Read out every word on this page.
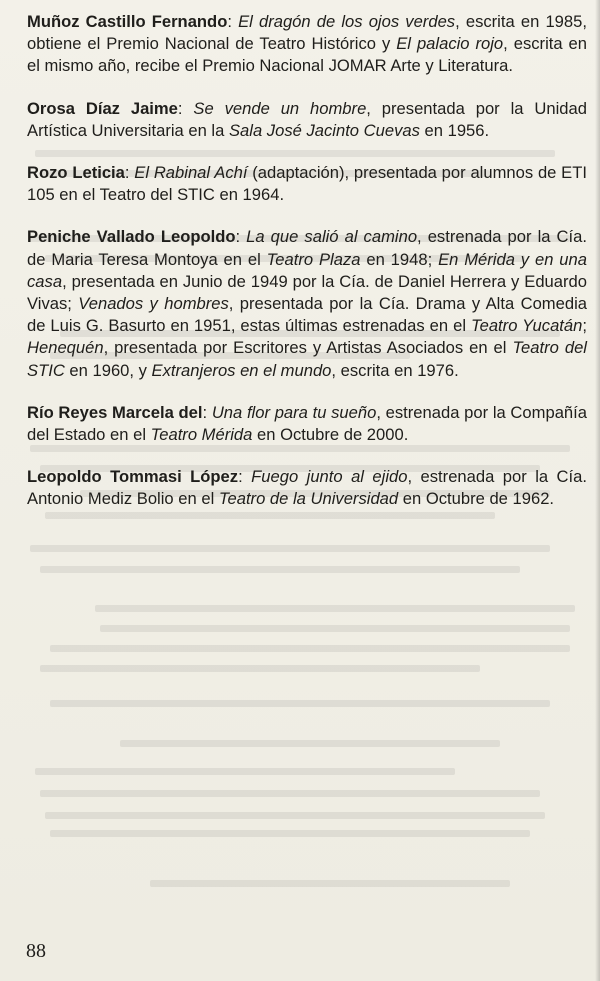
Muñoz Castillo Fernando: El dragón de los ojos verdes, escrita en 1985, obtiene el Premio Nacional de Teatro Histórico y El palacio rojo, escrita en el mismo año, recibe el Premio Nacional JOMAR Arte y Literatura.

Orosa Díaz Jaime: Se vende un hombre, presentada por la Unidad Artística Universitaria en la Sala José Jacinto Cuevas en 1956.

Rozo Leticia: El Rabinal Achí (adaptación), presentada por alumnos de ETI 105 en el Teatro del STIC en 1964.

Peniche Vallado Leopoldo: La que salió al camino, estrenada por la Cía. de Maria Teresa Montoya en el Teatro Plaza en 1948; En Mérida y en una casa, presentada en Junio de 1949 por la Cía. de Daniel Herrera y Eduardo Vivas; Venados y hombres, presentada por la Cía. Drama y Alta Comedia de Luis G. Basurto en 1951, estas últimas estrenadas en el Teatro Yucatán; Henequén, presentada por Escritores y Artistas Asociados en el Teatro del STIC en 1960, y Extranjeros en el mundo, escrita en 1976.

Río Reyes Marcela del: Una flor para tu sueño, estrenada por la Compañía del Estado en el Teatro Mérida en Octubre de 2000.

Leopoldo Tommasi López: Fuego junto al ejido, estrenada por la Cía. Antonio Mediz Bolio en el Teatro de la Universidad en Octubre de 1962.

88
